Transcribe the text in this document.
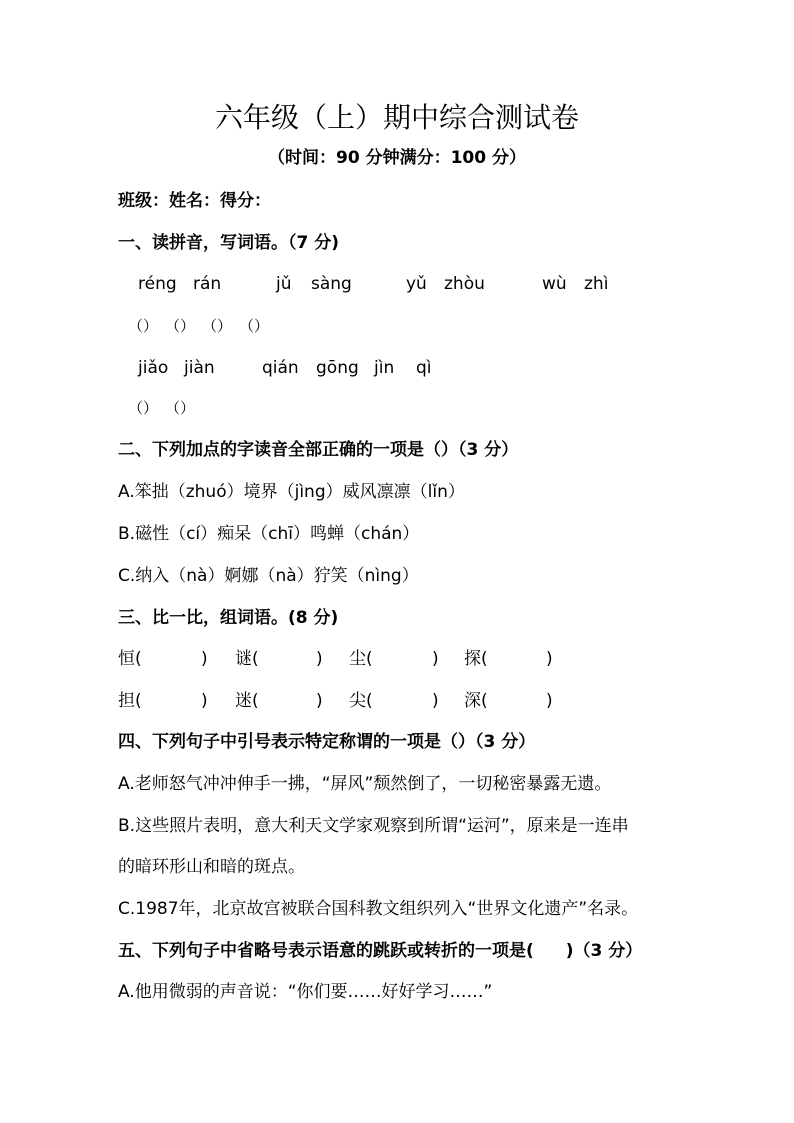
六年级（上）期中综合测试卷
（时间：90 分钟满分：100 分）
班级：姓名：得分：
一、读拼音，写词语。（7 分)
réng rán	jǔ sàng	yǔ zhòu	wù zhì
（） （） （） （）
jiǎo jiàn	qián gōng jìn qì
（） （）
二、下列加点的字读音全部正确的一项是（）（3 分）
A.笨拙（zhuó）境界（jìng）威风凛凛（lǐn）
B.磁性（cí）痴呆（chī）鸣蝉（chán）
C.纳入（nà）婀娜（nà）狞笑（nìng）
三、比一比，组词语。(8 分)
恒(	) 谜(	) 尘(	) 探(	)
担(	) 迷(	) 尖(	) 深(	)
四、下列句子中引号表示特定称谓的一项是（）（3 分）
A.老师怒气冲冲伸手一拂，“屏风”颓然倒了，一切秘密暴露无遗。
B.这些照片表明，意大利天文学家观察到所谓“运河”，原来是一连串
的暗环形山和暗的斑点。
C.1987年，北京故宫被联合国科教文组织列入“世界文化遗产”名录。
五、下列句子中省略号表示语意的跳跃或转折的一项是( )（3 分）
A.他用微弱的声音说：“你们要……好好学习……”
